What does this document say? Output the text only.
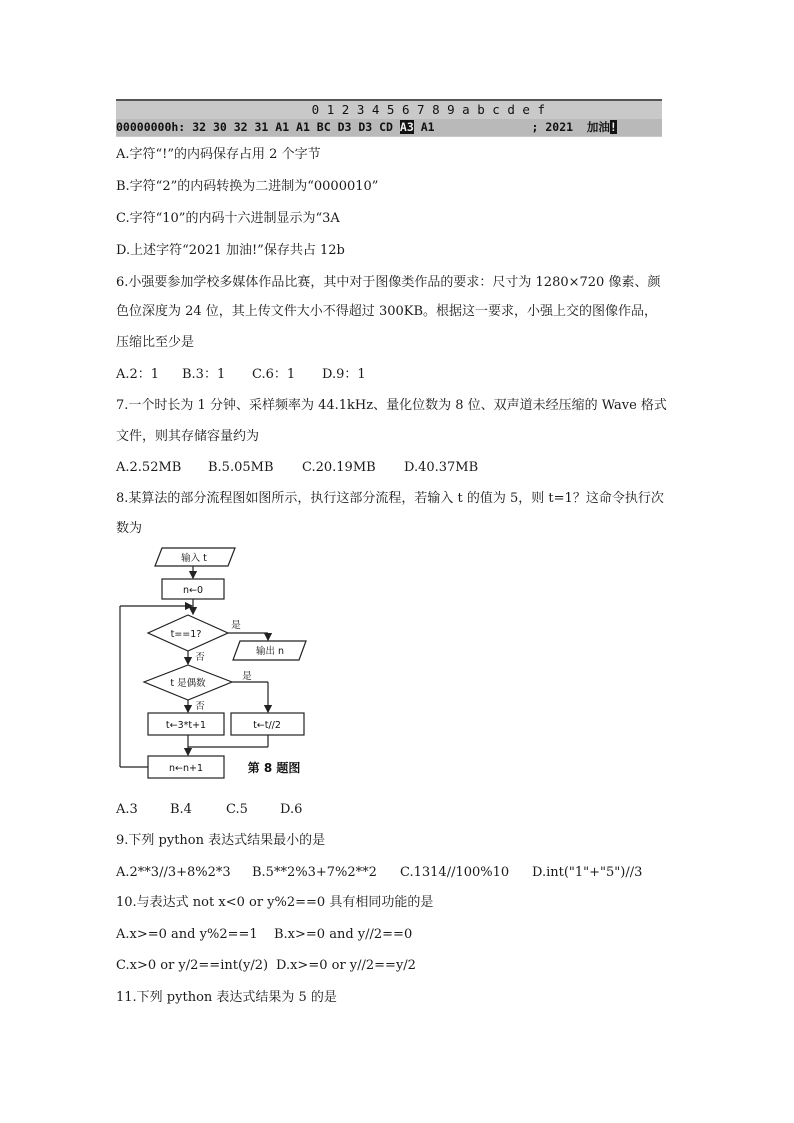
0 1 2 3 4 5 6 7 8 9 a b c d e f
00000000h: 32 30 32 31 A1 A1 BC D3 D3 CD A3 A1	; 2021  加油!
A.字符“!”的内码保存占用 2 个字节
B.字符“2”的内码转换为二进制为“0000010”
C.字符“10”的内码十六进制显示为“3A
D.上述字符“2021 加油!”保存共占 12b
6.小强要参加学校多媒体作品比赛，其中对于图像类作品的要求：尺寸为 1280×720 像素、颜
色位深度为 24 位，其上传文件大小不得超过 300KB。根据这一要求，小强上交的图像作品，
压缩比至少是
A.2：1 B.3：1 C.6：1 D.9：1
7.一个时长为 1 分钟、采样频率为 44.1kHz、量化位数为 8 位、双声道未经压缩的 Wave 格式
文件，则其存储容量约为
A.2.52MB B.5.05MB C.20.19MB D.40.37MB
8.某算法的部分流程图如图所示，执行这部分流程，若输入 t 的值为 5，则 t=1？这命令执行次
数为
输入 t
n←0
t==1?
是
否
输出 n
t 是偶数
是
否
t←3*t+1	t←t//2
n←n+1	第 8 题图
A.3 B.4	C.5 D.6
9.下列 python 表达式结果最小的是
A.2**3//3+8%2*3 B.5**2%3+7%2**2 C.1314//100%10 D.int("1"+"5")//3
10.与表达式 not x<0 or y%2==0 具有相同功能的是
A.x>=0 and y%2==1 B.x>=0 and y//2==0
C.x>0 or y/2==int(y/2) D.x>=0 or y//2==y/2
11.下列 python 表达式结果为 5 的是
